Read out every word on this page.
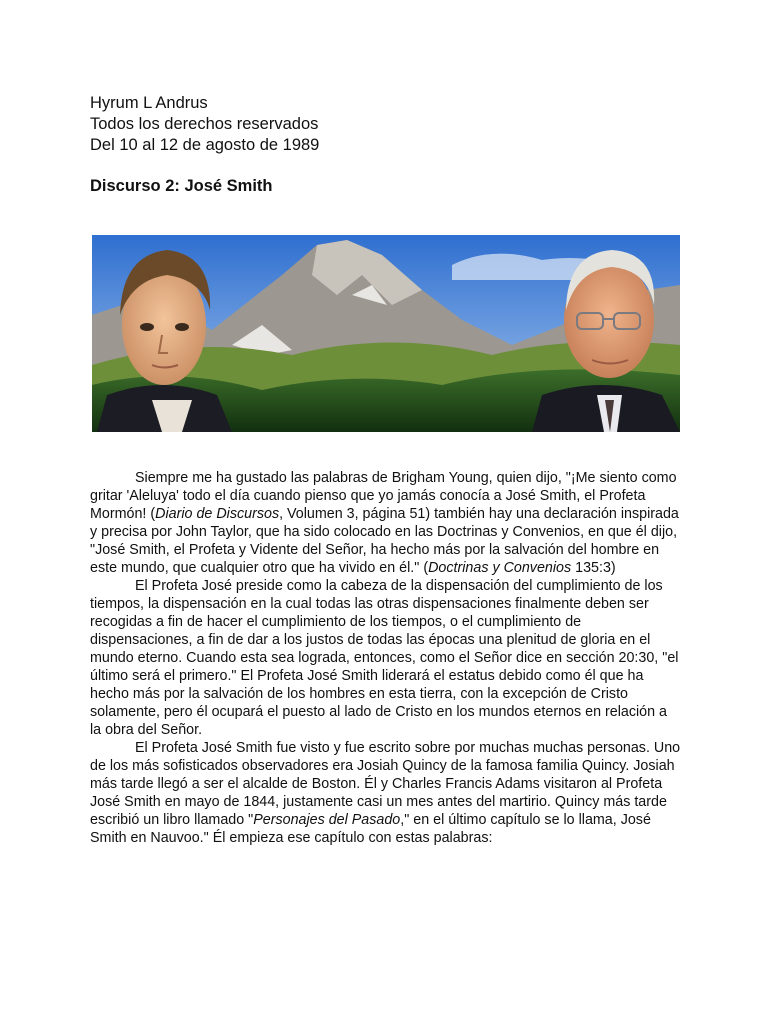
Hyrum L Andrus

Todos los derechos reservados

Del 10 al 12 de agosto de 1989

Discurso 2: José Smith

Siempre me ha gustado las palabras de Brigham Young, quien dijo, "¡Me siento como gritar 'Aleluya' todo el día cuando pienso que yo jamás conocía a José Smith, el Profeta Mormón! (Diario de Discursos, Volumen 3, página 51) también hay una declaración inspirada y precisa por John Taylor, que ha sido colocado en las Doctrinas y Convenios, en que él dijo, "José Smith, el Profeta y Vidente del Señor, ha hecho más por la salvación del hombre en este mundo, que cualquier otro que ha vivido en él." (Doctrinas y Convenios 135:3)

El Profeta José preside como la cabeza de la dispensación del cumplimiento de los tiempos, la dispensación en la cual todas las otras dispensaciones finalmente deben ser recogidas a fin de hacer el cumplimiento de los tiempos, o el cumplimiento de dispensaciones, a fin de dar a los justos de todas las épocas una plenitud de gloria en el mundo eterno. Cuando esta sea lograda, entonces, como el Señor dice en sección 20:30, "el último será el primero." El Profeta José Smith liderará el estatus debido como él que ha hecho más por la salvación de los hombres en esta tierra, con la excepción de Cristo solamente, pero él ocupará el puesto al lado de Cristo en los mundos eternos en relación a la obra del Señor.

El Profeta José Smith fue visto y fue escrito sobre por muchas muchas personas. Uno de los más sofisticados observadores era Josiah Quincy de la famosa familia Quincy. Josiah más tarde llegó a ser el alcalde de Boston. Él y Charles Francis Adams visitaron al Profeta José Smith en mayo de 1844, justamente casi un mes antes del martirio. Quincy más tarde escribió un libro llamado "Personajes del Pasado," en el último capítulo se lo llama, José Smith en Nauvoo." Él empieza ese capítulo con estas palabras:
